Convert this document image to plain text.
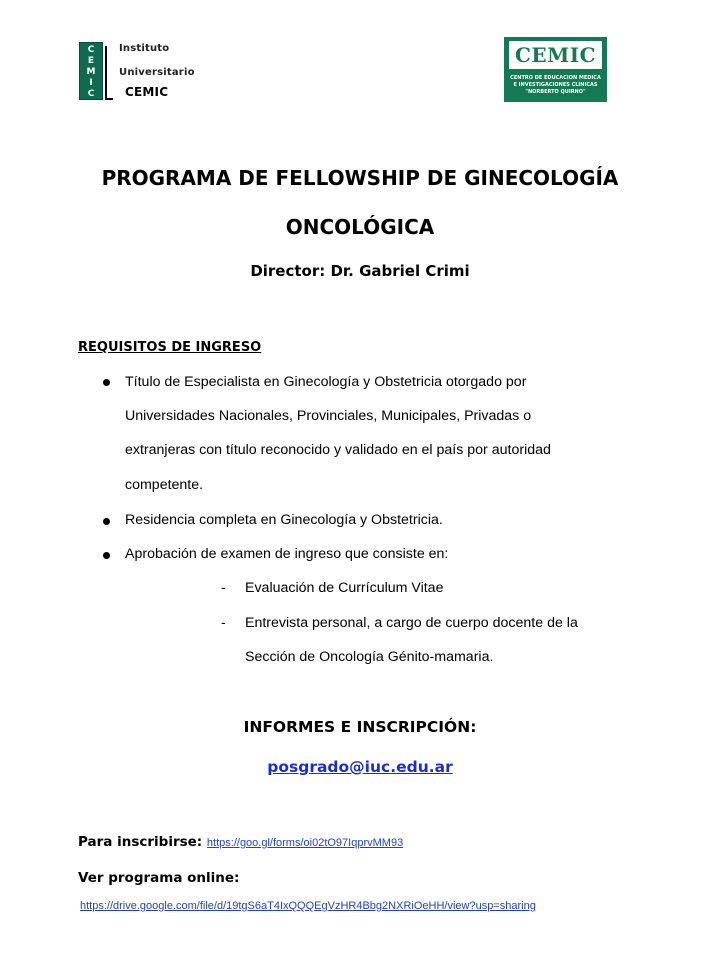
C
E
M
I
C
Instituto
Universitario
CEMIC
CEMIC
CENTRO DE EDUCACION MEDICA
E INVESTIGACIONES CLINICAS
"NORBERTO QUIRNO"
PROGRAMA DE FELLOWSHIP DE GINECOLOGÍA
ONCOLÓGICA
Director: Dr. Gabriel Crimi
REQUISITOS DE INGRESO
Título de Especialista en Ginecología y Obstetricia otorgado por
Universidades Nacionales, Provinciales, Municipales, Privadas o
extranjeras con título reconocido y validado en el país por autoridad
competente.
Residencia completa en Ginecología y Obstetricia.
Aprobación de examen de ingreso que consiste en:
- Evaluación de Currículum Vitae
- Entrevista personal, a cargo de cuerpo docente de la
Sección de Oncología Génito-mamaria.
INFORMES E INSCRIPCIÓN:
posgrado@iuc.edu.ar
Para inscribirse: https://goo.gl/forms/oi02tO97IqprvMM93
Ver programa online:
https://drive.google.com/file/d/19tgS6aT4IxQQQEgVzHR4Bbg2NXRiOeHH/view?usp=sharing
